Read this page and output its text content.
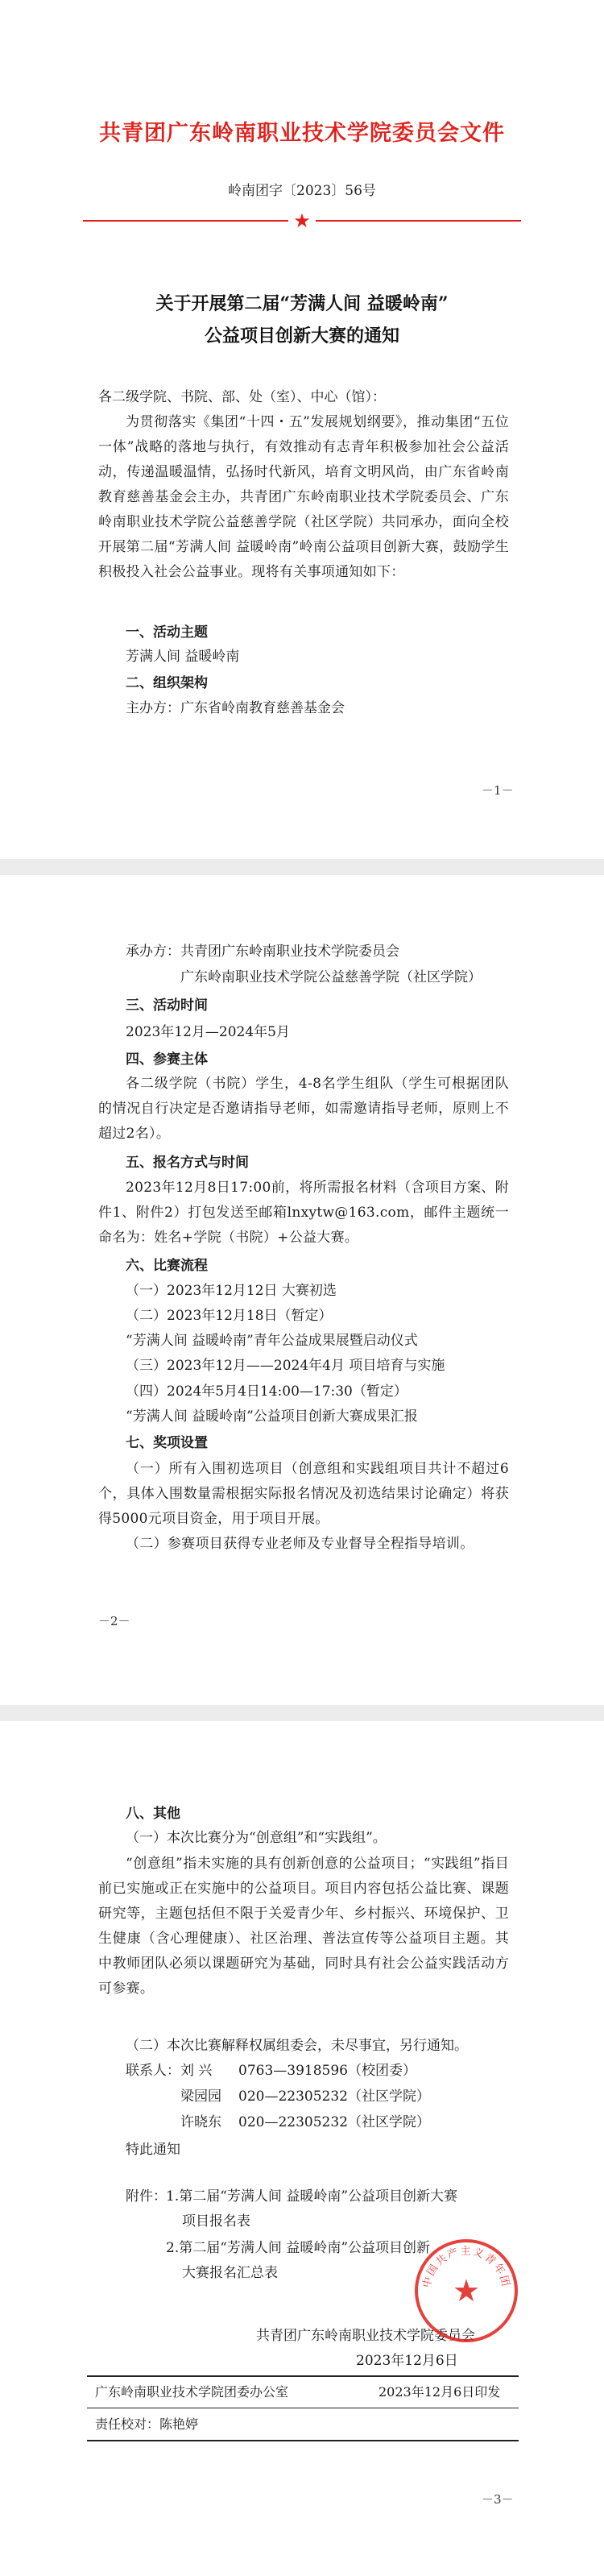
共青团广东岭南职业技术学院委员会文件
岭南团字〔2023〕56号
★
关于开展第二届“芳满人间 益暖岭南”
公益项目创新大赛的通知
各二级学院、书院、部、处（室）、中心（馆）：

为贯彻落实《集团“十四・五”发展规划纲要》，推动集团“五位一体”战略的落地与执行，有效推动有志青年积极参加社会公益活动，传递温暖温情，弘扬时代新风，培育文明风尚，由广东省岭南教育慈善基金会主办，共青团广东岭南职业技术学院委员会、广东岭南职业技术学院公益慈善学院（社区学院）共同承办，面向全校开展第二届“芳满人间 益暖岭南”岭南公益项目创新大赛，鼓励学生积极投入社会公益事业。现将有关事项通知如下：

一、活动主题
芳满人间 益暖岭南
二、组织架构
主办方：广东省岭南教育慈善基金会
－1－
承办方：共青团广东岭南职业技术学院委员会
广东岭南职业技术学院公益慈善学院（社区学院）
三、活动时间
2023年12月—2024年5月
四、参赛主体

各二级学院（书院）学生，4-8名学生组队（学生可根据团队的情况自行决定是否邀请指导老师，如需邀请指导老师，原则上不超过2名）。

五、报名方式与时间

2023年12月8日17:00前，将所需报名材料（含项目方案、附件1、附件2）打包发送至邮箱lnxytw@163.com，邮件主题统一命名为：姓名+学院（书院）+公益大赛。

六、比赛流程
（一）2023年12月12日 大赛初选
（二）2023年12月18日（暂定）
“芳满人间 益暖岭南”青年公益成果展暨启动仪式
（三）2023年12月——2024年4月 项目培育与实施
（四）2024年5月4日14:00—17:30（暂定）
“芳满人间 益暖岭南”公益项目创新大赛成果汇报
七、奖项设置

（一）所有入围初选项目（创意组和实践组项目共计不超过6个，具体入围数量需根据实际报名情况及初选结果讨论确定）将获得5000元项目资金，用于项目开展。

（二）参赛项目获得专业老师及专业督导全程指导培训。

－2－
八、其他
（一）本次比赛分为“创意组”和“实践组”。

“创意组”指未实施的具有创新创意的公益项目；“实践组”指目前已实施或正在实施中的公益项目。项目内容包括公益比赛、课题研究等，主题包括但不限于关爱青少年、乡村振兴、环境保护、卫生健康（含心理健康）、社区治理、普法宣传等公益项目主题。其中教师团队必须以课题研究为基础，同时具有社会公益实践活动方可参赛。

（二）本次比赛解释权属组委会，未尽事宜，另行通知。
联系人： 刘 兴 0763—3918596（校团委）
梁园园 020—22305232（社区学院）
许晓东 020—22305232（社区学院）
特此通知
附件： 1.第二届“芳满人间 益暖岭南”公益项目创新大赛
项目报名表
2.第二届“芳满人间 益暖岭南”公益项目创新
大赛报名汇总表
共青团广东岭南职业技术学院委员会
2023年12月6日
广东岭南职业技术学院团委办公室	2023年12月6日印发
责任校对：陈艳婷
－3－
中国共产主义青年团
★
